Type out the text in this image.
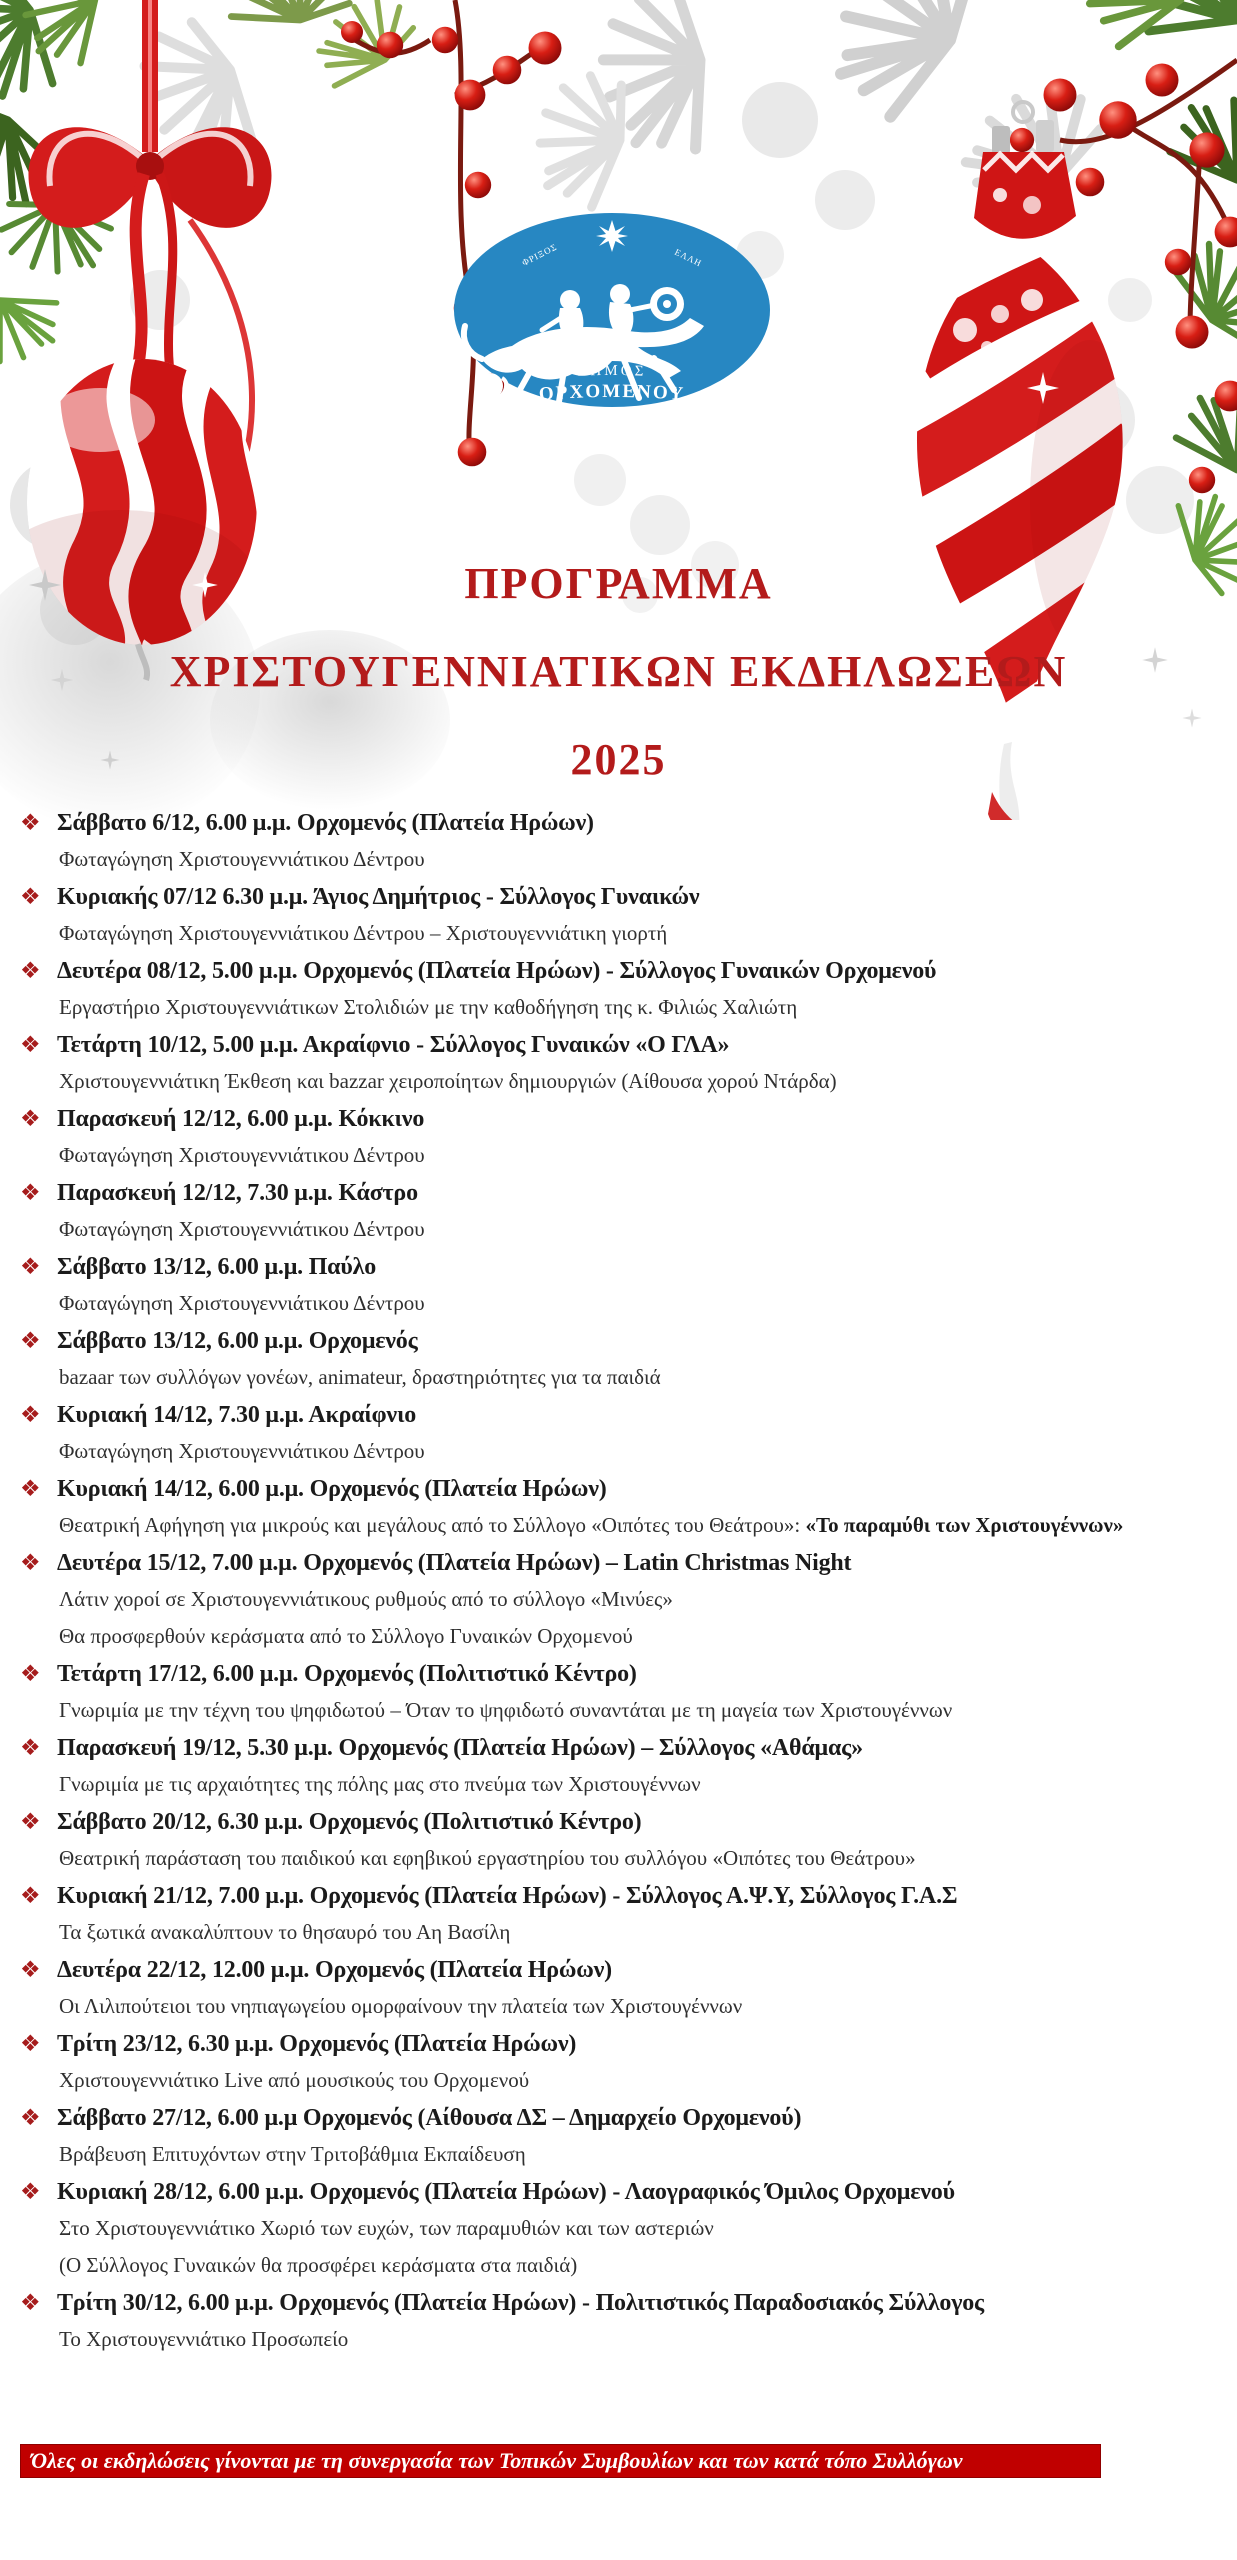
ΦΡΙΞΟΣ	ΕΛΛΗ
ΔΗΜΟΣ
ΟΡΧΟΜΕΝΟΥ
ΠΡΟΓΡΑΜΜΑ
ΧΡΙΣΤΟΥΓΕΝΝΙΑΤΙΚΩΝ ΕΚΔΗΛΩΣΕΩΝ
2025
❖ Σάββατο 6/12, 6.00 μ.μ. Ορχομενός (Πλατεία Ηρώων)
Φωταγώγηση Χριστουγεννιάτικου Δέντρου
❖ Κυριακής 07/12 6.30 μ.μ. Άγιος Δημήτριος - Σύλλογος Γυναικών
Φωταγώγηση Χριστουγεννιάτικου Δέντρου – Χριστουγεννιάτικη γιορτή
❖ Δευτέρα 08/12, 5.00 μ.μ. Ορχομενός (Πλατεία Ηρώων) - Σύλλογος Γυναικών Ορχομενού
Εργαστήριο Χριστουγεννιάτικων Στολιδιών με την καθοδήγηση της κ. Φιλιώς Χαλιώτη
❖ Τετάρτη 10/12, 5.00 μ.μ. Ακραίφνιο - Σύλλογος Γυναικών «Ο ΓΛΑ»
Χριστουγεννιάτικη Έκθεση και bazzar χειροποίητων δημιουργιών (Αίθουσα χορού Ντάρδα)
❖ Παρασκευή 12/12, 6.00 μ.μ. Κόκκινο
Φωταγώγηση Χριστουγεννιάτικου Δέντρου
❖ Παρασκευή 12/12, 7.30 μ.μ. Κάστρο
Φωταγώγηση Χριστουγεννιάτικου Δέντρου
❖ Σάββατο 13/12, 6.00 μ.μ. Παύλο
Φωταγώγηση Χριστουγεννιάτικου Δέντρου
❖ Σάββατο 13/12, 6.00 μ.μ. Ορχομενός
bazaar των συλλόγων γονέων, animateur, δραστηριότητες για τα παιδιά
❖ Κυριακή 14/12, 7.30 μ.μ. Ακραίφνιο
Φωταγώγηση Χριστουγεννιάτικου Δέντρου
❖ Κυριακή 14/12, 6.00 μ.μ. Ορχομενός (Πλατεία Ηρώων)
Θεατρική Αφήγηση για μικρούς και μεγάλους από το Σύλλογο «Οιπότες του Θεάτρου»: «Το παραμύθι των Χριστουγέννων»
❖ Δευτέρα 15/12, 7.00 μ.μ. Ορχομενός (Πλατεία Ηρώων) – Latin Christmas Night
Λάτιν χοροί σε Χριστουγεννιάτικους ρυθμούς από το σύλλογο «Μινύες»
Θα προσφερθούν κεράσματα από το Σύλλογο Γυναικών Ορχομενού
❖ Τετάρτη 17/12, 6.00 μ.μ. Ορχομενός (Πολιτιστικό Κέντρο)
Γνωριμία με την τέχνη του ψηφιδωτού – Όταν το ψηφιδωτό συναντάται με τη μαγεία των Χριστουγέννων
❖ Παρασκευή 19/12, 5.30 μ.μ. Ορχομενός (Πλατεία Ηρώων) – Σύλλογος «Αθάμας»
Γνωριμία με τις αρχαιότητες της πόλης μας στο πνεύμα των Χριστουγέννων
❖ Σάββατο 20/12, 6.30 μ.μ. Ορχομενός (Πολιτιστικό Κέντρο)
Θεατρική παράσταση του παιδικού και εφηβικού εργαστηρίου του συλλόγου «Οιπότες του Θεάτρου»
❖ Κυριακή 21/12, 7.00 μ.μ. Ορχομενός (Πλατεία Ηρώων) - Σύλλογος Α.Ψ.Υ, Σύλλογος Γ.Α.Σ
Τα ξωτικά ανακαλύπτουν το θησαυρό του Αη Βασίλη
❖ Δευτέρα 22/12, 12.00 μ.μ. Ορχομενός (Πλατεία Ηρώων)
Οι Λιλιπούτειοι του νηπιαγωγείου ομορφαίνουν την πλατεία των Χριστουγέννων
❖ Τρίτη 23/12, 6.30 μ.μ. Ορχομενός (Πλατεία Ηρώων)
Χριστουγεννιάτικο Live από μουσικούς του Ορχομενού
❖ Σάββατο 27/12, 6.00 μ.μ Ορχομενός (Αίθουσα ΔΣ – Δημαρχείο Ορχομενού)
Βράβευση Επιτυχόντων στην Τριτοβάθμια Εκπαίδευση
❖ Κυριακή 28/12, 6.00 μ.μ. Ορχομενός (Πλατεία Ηρώων) - Λαογραφικός Όμιλος Ορχομενού
Στο Χριστουγεννιάτικο Χωριό των ευχών, των παραμυθιών και των αστεριών
(Ο Σύλλογος Γυναικών θα προσφέρει κεράσματα στα παιδιά)
❖ Τρίτη 30/12, 6.00 μ.μ. Ορχομενός (Πλατεία Ηρώων) - Πολιτιστικός Παραδοσιακός Σύλλογος
Το Χριστουγεννιάτικο Προσωπείο
Όλες οι εκδηλώσεις γίνονται με τη συνεργασία των Τοπικών Συμβουλίων και των κατά τόπο Συλλόγων
